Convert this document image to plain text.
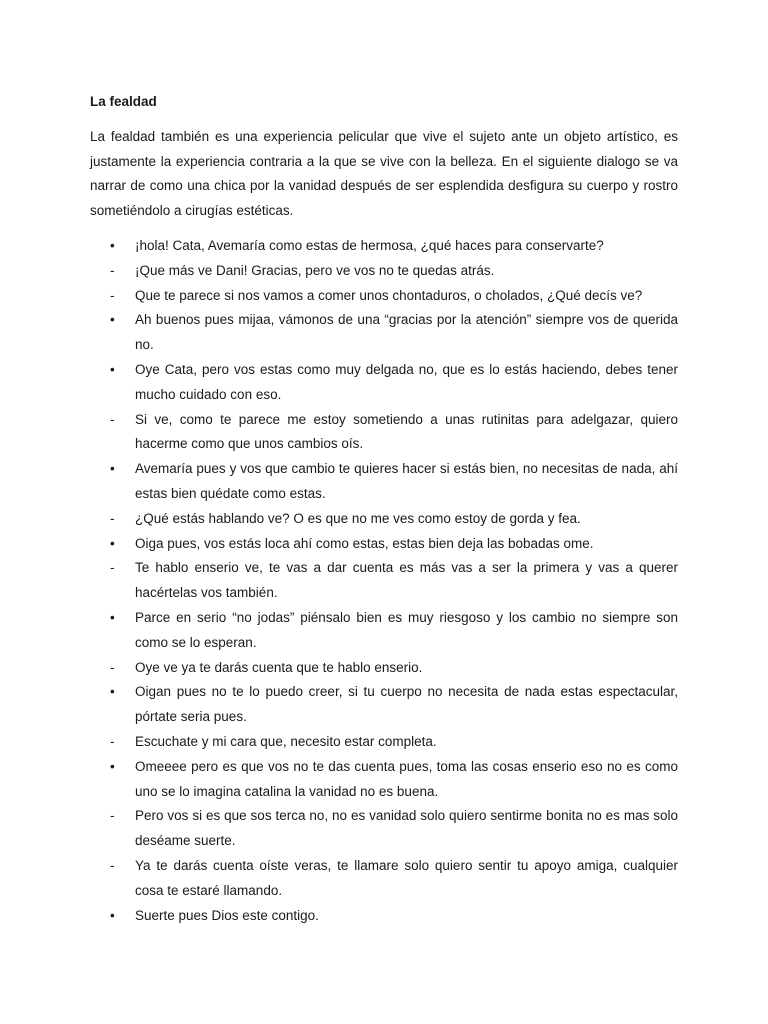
La fealdad

La fealdad también es una experiencia pelicular que vive el sujeto ante un objeto artístico, es justamente la experiencia contraria a la que se vive con la belleza. En el siguiente dialogo se va narrar de como una chica por la vanidad después de ser esplendida desfigura su cuerpo y rostro sometiéndolo a cirugías estéticas.

•	¡hola! Cata, Avemaría como estas de hermosa, ¿qué haces para conservarte?
-	¡Que más ve Dani! Gracias, pero ve vos no te quedas atrás.
-	Que te parece si nos vamos a comer unos chontaduros, o cholados, ¿Qué decís ve?
•	Ah buenos pues mijaa, vámonos de una “gracias por la atención” siempre vos de querida no.
•	Oye Cata, pero vos estas como muy delgada no, que es lo estás haciendo, debes tener mucho cuidado con eso.
-	Si ve, como te parece me estoy sometiendo a unas rutinitas para adelgazar, quiero hacerme como que unos cambios oís.
•	Avemaría pues y vos que cambio te quieres hacer si estás bien, no necesitas de nada, ahí estas bien quédate como estas.
-	¿Qué estás hablando ve? O es que no me ves como estoy de gorda y fea.
•	Oiga pues, vos estás loca ahí como estas, estas bien deja las bobadas ome.
-	Te hablo enserio ve, te vas a dar cuenta es más vas a ser la primera y vas a querer hacértelas vos también.
•	Parce en serio “no jodas” piénsalo bien es muy riesgoso y los cambio no siempre son como se lo esperan.
-	Oye ve ya te darás cuenta que te hablo enserio.
•	Oigan pues no te lo puedo creer, si tu cuerpo no necesita de nada estas espectacular, pórtate seria pues.
-	Escuchate y mi cara que, necesito estar completa.
•	Omeeee pero es que vos no te das cuenta pues, toma las cosas enserio eso no es como uno se lo imagina catalina la vanidad no es buena.
-	Pero vos si es que sos terca no, no es vanidad solo quiero sentirme bonita no es mas solo deséame suerte.
-	Ya te darás cuenta oíste veras, te llamare solo quiero sentir tu apoyo amiga, cualquier cosa te estaré llamando.
•	Suerte pues Dios este contigo.
